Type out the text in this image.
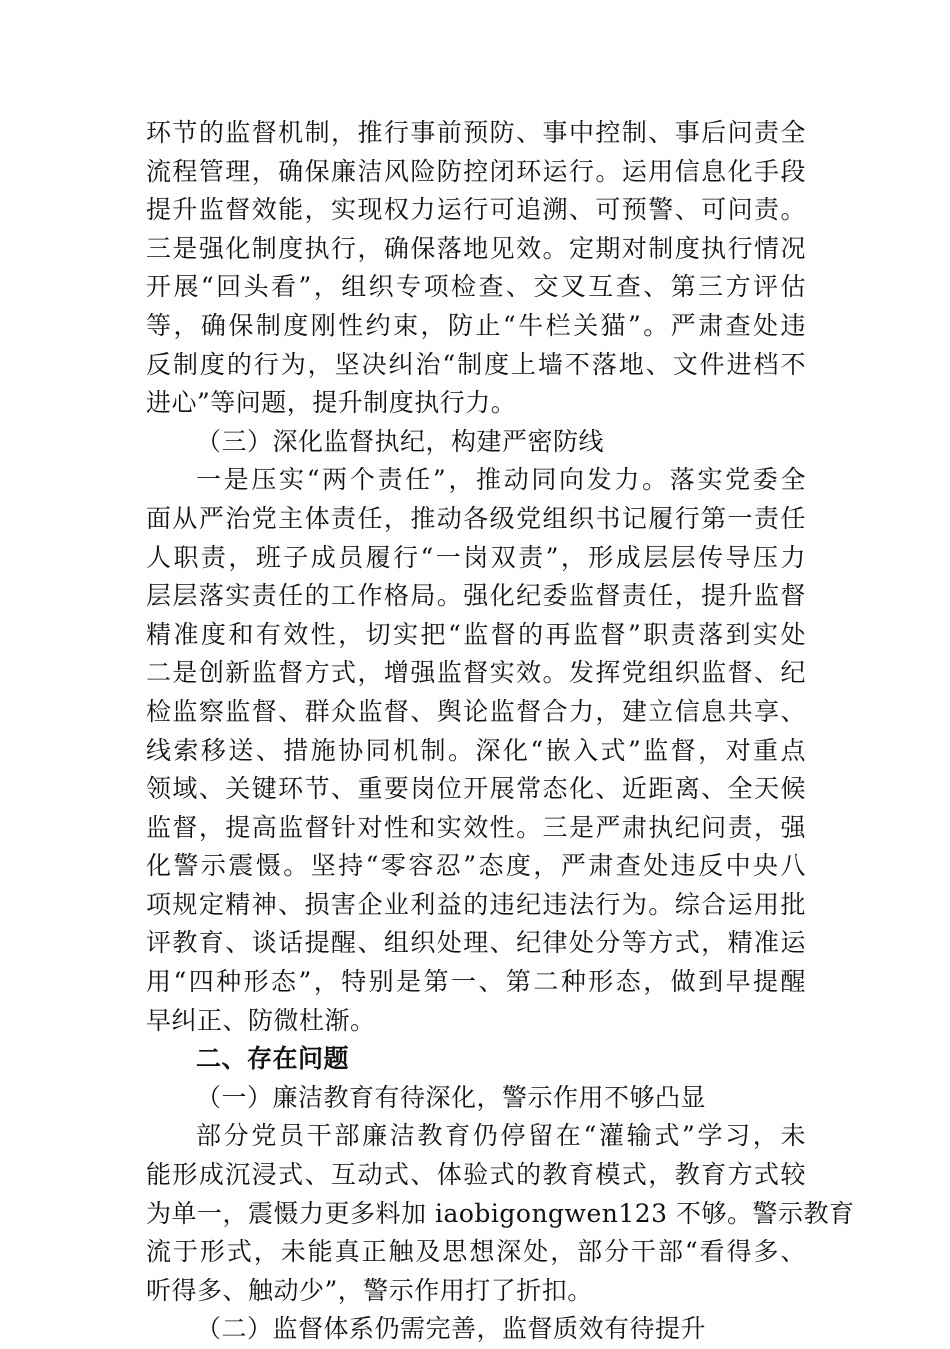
环节的监督机制，推行事前预防、事中控制、事后问责全
流程管理，确保廉洁风险防控闭环运行。运用信息化手段
提升监督效能，实现权力运行可追溯、可预警、可问责。
三是强化制度执行，确保落地见效。定期对制度执行情况
开展“回头看”，组织专项检查、交叉互查、第三方评估
等，确保制度刚性约束，防止“牛栏关猫”。严肃查处违
反制度的行为，坚决纠治“制度上墙不落地、文件进档不
进心”等问题，提升制度执行力。

（三）深化监督执纪，构建严密防线

一是压实“两个责任”，推动同向发力。落实党委全
面从严治党主体责任，推动各级党组织书记履行第一责任
人职责，班子成员履行“一岗双责”，形成层层传导压力
层层落实责任的工作格局。强化纪委监督责任，提升监督
精准度和有效性，切实把“监督的再监督”职责落到实处
二是创新监督方式，增强监督实效。发挥党组织监督、纪
检监察监督、群众监督、舆论监督合力，建立信息共享、
线索移送、措施协同机制。深化“嵌入式”监督，对重点
领域、关键环节、重要岗位开展常态化、近距离、全天候
监督，提高监督针对性和实效性。三是严肃执纪问责，强
化警示震慑。坚持“零容忍”态度，严肃查处违反中央八
项规定精神、损害企业利益的违纪违法行为。综合运用批
评教育、谈话提醒、组织处理、纪律处分等方式，精准运
用“四种形态”，特别是第一、第二种形态，做到早提醒
早纠正、防微杜渐。

二、存在问题

（一）廉洁教育有待深化，警示作用不够凸显

部分党员干部廉洁教育仍停留在“灌输式”学习，未
能形成沉浸式、互动式、体验式的教育模式，教育方式较
为单一，震慑力更多料加 iaobigongwen123 不够。警示教育
流于形式，未能真正触及思想深处，部分干部“看得多、
听得多、触动少”，警示作用打了折扣。

（二）监督体系仍需完善，监督质效有待提升
